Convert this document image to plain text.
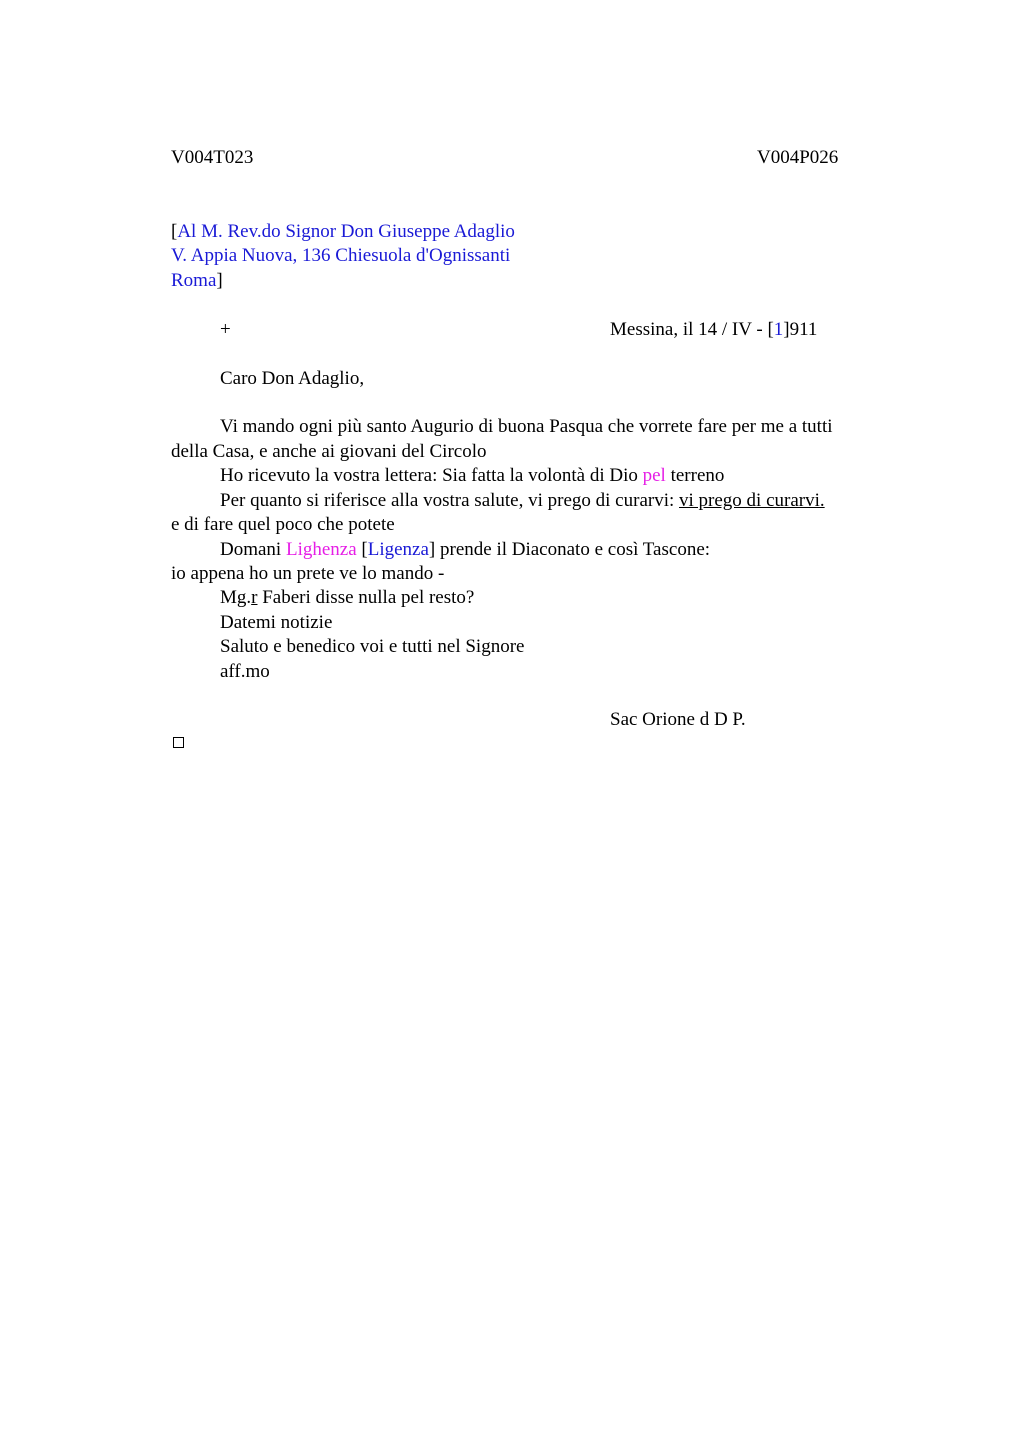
V004T023	V004P026
[Al M. Rev.do Signor Don Giuseppe Adaglio
V. Appia Nuova, 136 Chiesuola d'Ognissanti
Roma]
+	Messina, il 14 / IV - [1]911
Caro Don Adaglio,
Vi mando ogni più santo Augurio di buona Pasqua che vorrete fare per me a tutti
della Casa, e anche ai giovani del Circolo
Ho ricevuto la vostra lettera: Sia fatta la volontà di Dio pel terreno
Per quanto si riferisce alla vostra salute, vi prego di curarvi: vi prego di curarvi.
e di fare quel poco che potete
Domani Lighenza [Ligenza] prende il Diaconato e così Tascone:
io appena ho un prete ve lo mando -
Mg.r Faberi disse nulla pel resto?
Datemi notizie
Saluto e benedico voi e tutti nel Signore
aff.mo
Sac Orione d D P.
